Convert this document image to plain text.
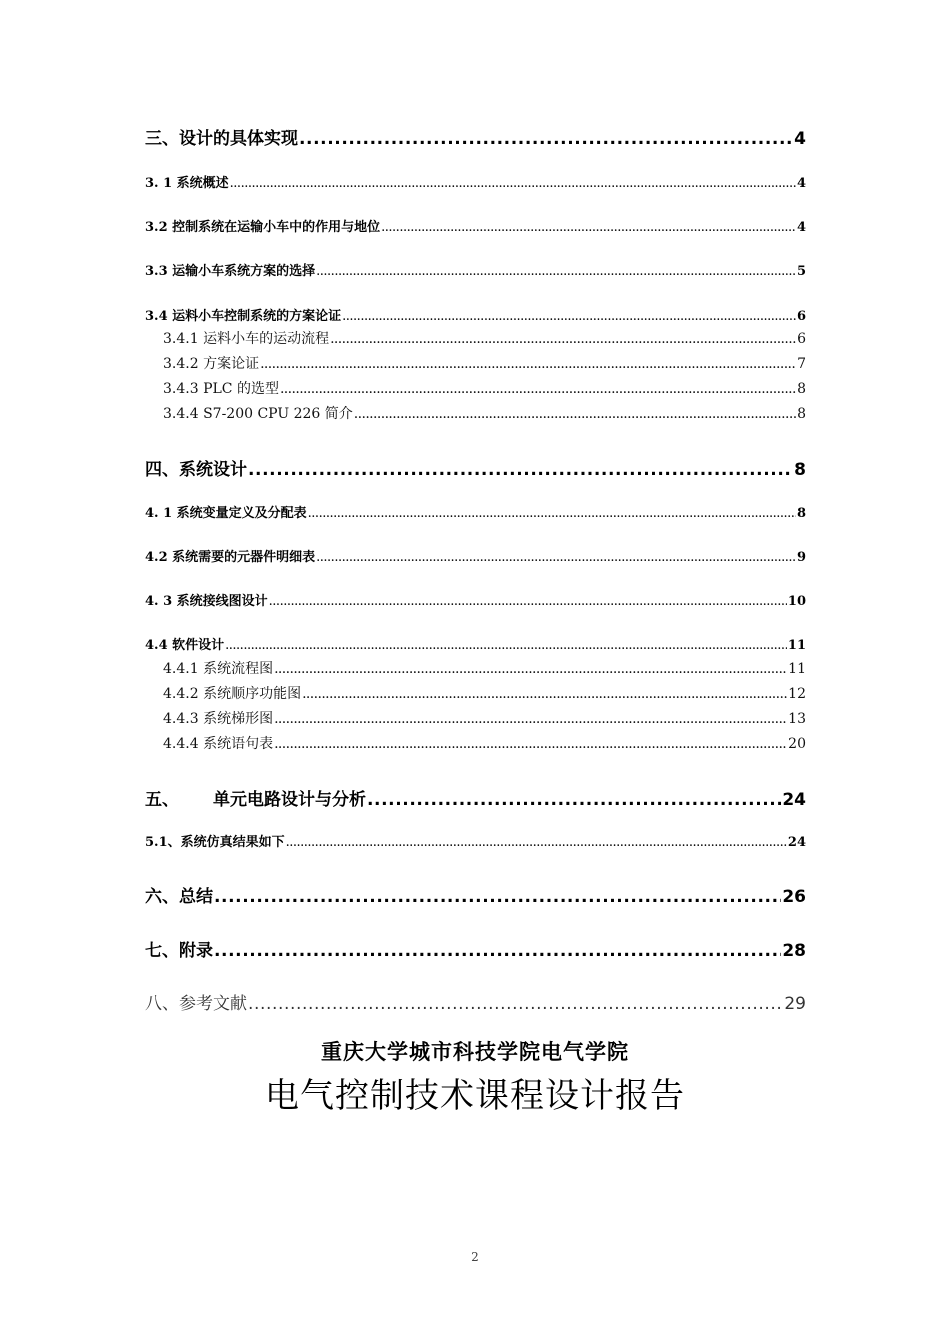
三、设计的具体实现 .....	4
3. 1 系统概述 .....	4
3.2 控制系统在运输小车中的作用与地位 .....	4
3.3 运输小车系统方案的选择 .....	5
3.4 运料小车控制系统的方案论证 .....	6
3.4.1 运料小车的运动流程 .....	6
3.4.2 方案论证 .....	7
3.4.3 PLC 的选型 .....	8
3.4.4 S7-200 CPU 226 简介 .....	8
四、系统设计 .....	8
4. 1 系统变量定义及分配表 .....	8
4.2 系统需要的元器件明细表 .....	9
4. 3 系统接线图设计 .....	10
4.4 软件设计 .....	11
4.4.1 系统流程图 .....	11
4.4.2 系统顺序功能图 .....	12
4.4.3 系统梯形图 .....	13
4.4.4 系统语句表 .....	20
五、 单元电路设计与分析 .....	24
5.1、系统仿真结果如下 .....	24
六、总结 .....	26
七、附录 .....	28
八、参考文献 .....	29
重庆大学城市科技学院电气学院
电气控制技术课程设计报告
2
